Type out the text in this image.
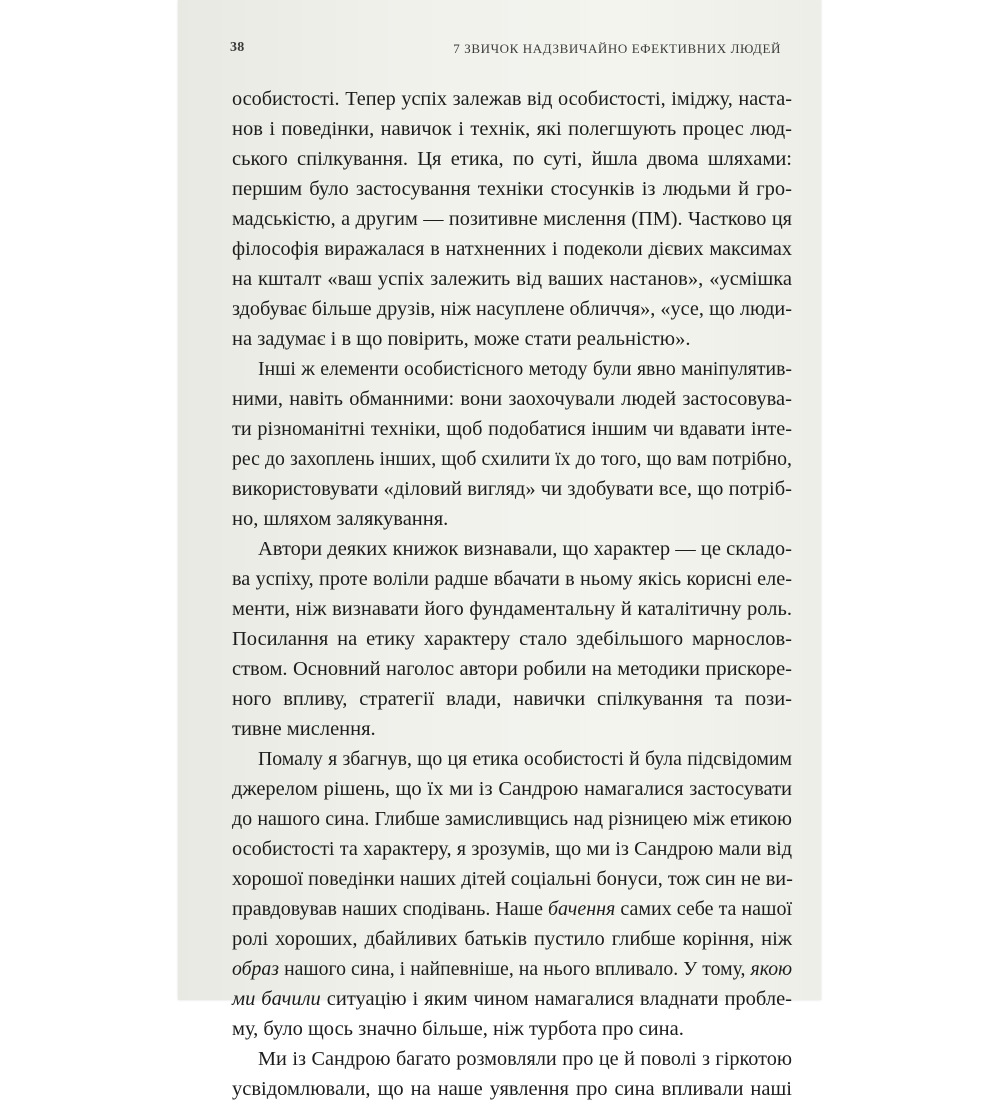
38	7 ЗВИЧОК НАДЗВИЧАЙНО ЕФЕКТИВНИХ ЛЮДЕЙ
особистості. Тепер успіх залежав від особистості, іміджу, наста-
нов і поведінки, навичок і технік, які полегшують процес люд-
ського спілкування. Ця етика, по суті, йшла двома шляхами:
першим було застосування техніки стосунків із людьми й гро-
мадськістю, а другим — позитивне мислення (ПМ). Частково ця
філософія виражалася в натхненних і подеколи дієвих максимах
на кшталт «ваш успіх залежить від ваших настанов», «усмішка
здобуває більше друзів, ніж насуплене обличчя», «усе, що люди-
на задумає і в що повірить, може стати реальністю».
Інші ж елементи особистісного методу були явно маніпулятив-
ними, навіть обманними: вони заохочували людей застосовува-
ти різноманітні техніки, щоб подобатися іншим чи вдавати інте-
рес до захоплень інших, щоб схилити їх до того, що вам потрібно,
використовувати «діловий вигляд» чи здобувати все, що потріб-
но, шляхом залякування.
Автори деяких книжок визнавали, що характер — це складо-
ва успіху, проте воліли радше вбачати в ньому якісь корисні еле-
менти, ніж визнавати його фундаментальну й каталітичну роль.
Посилання на етику характеру стало здебільшого марнослов-
ством. Основний наголос автори робили на методики прискоре-
ного впливу, стратегії влади, навички спілкування та пози-
тивне мислення.
Помалу я збагнув, що ця етика особистості й була підсвідомим
джерелом рішень, що їх ми із Сандрою намагалися застосувати
до нашого сина. Глибше замисливщись над різницею між етикою
особистості та характеру, я зрозумів, що ми із Сандрою мали від
хорошої поведінки наших дітей соціальні бонуси, тож син не ви-
правдовував наших сподівань. Наше бачення самих себе та нашої
ролі хороших, дбайливих батьків пустило глибше коріння, ніж
образ нашого сина, і найпевніше, на нього впливало. У тому, якою
ми бачили ситуацію і яким чином намагалися владнати пробле-
му, було щось значно більше, ніж турбота про сина.
Ми із Сандрою багато розмовляли про це й поволі з гіркотою
усвідомлювали, що на наше уявлення про сина впливали наші
